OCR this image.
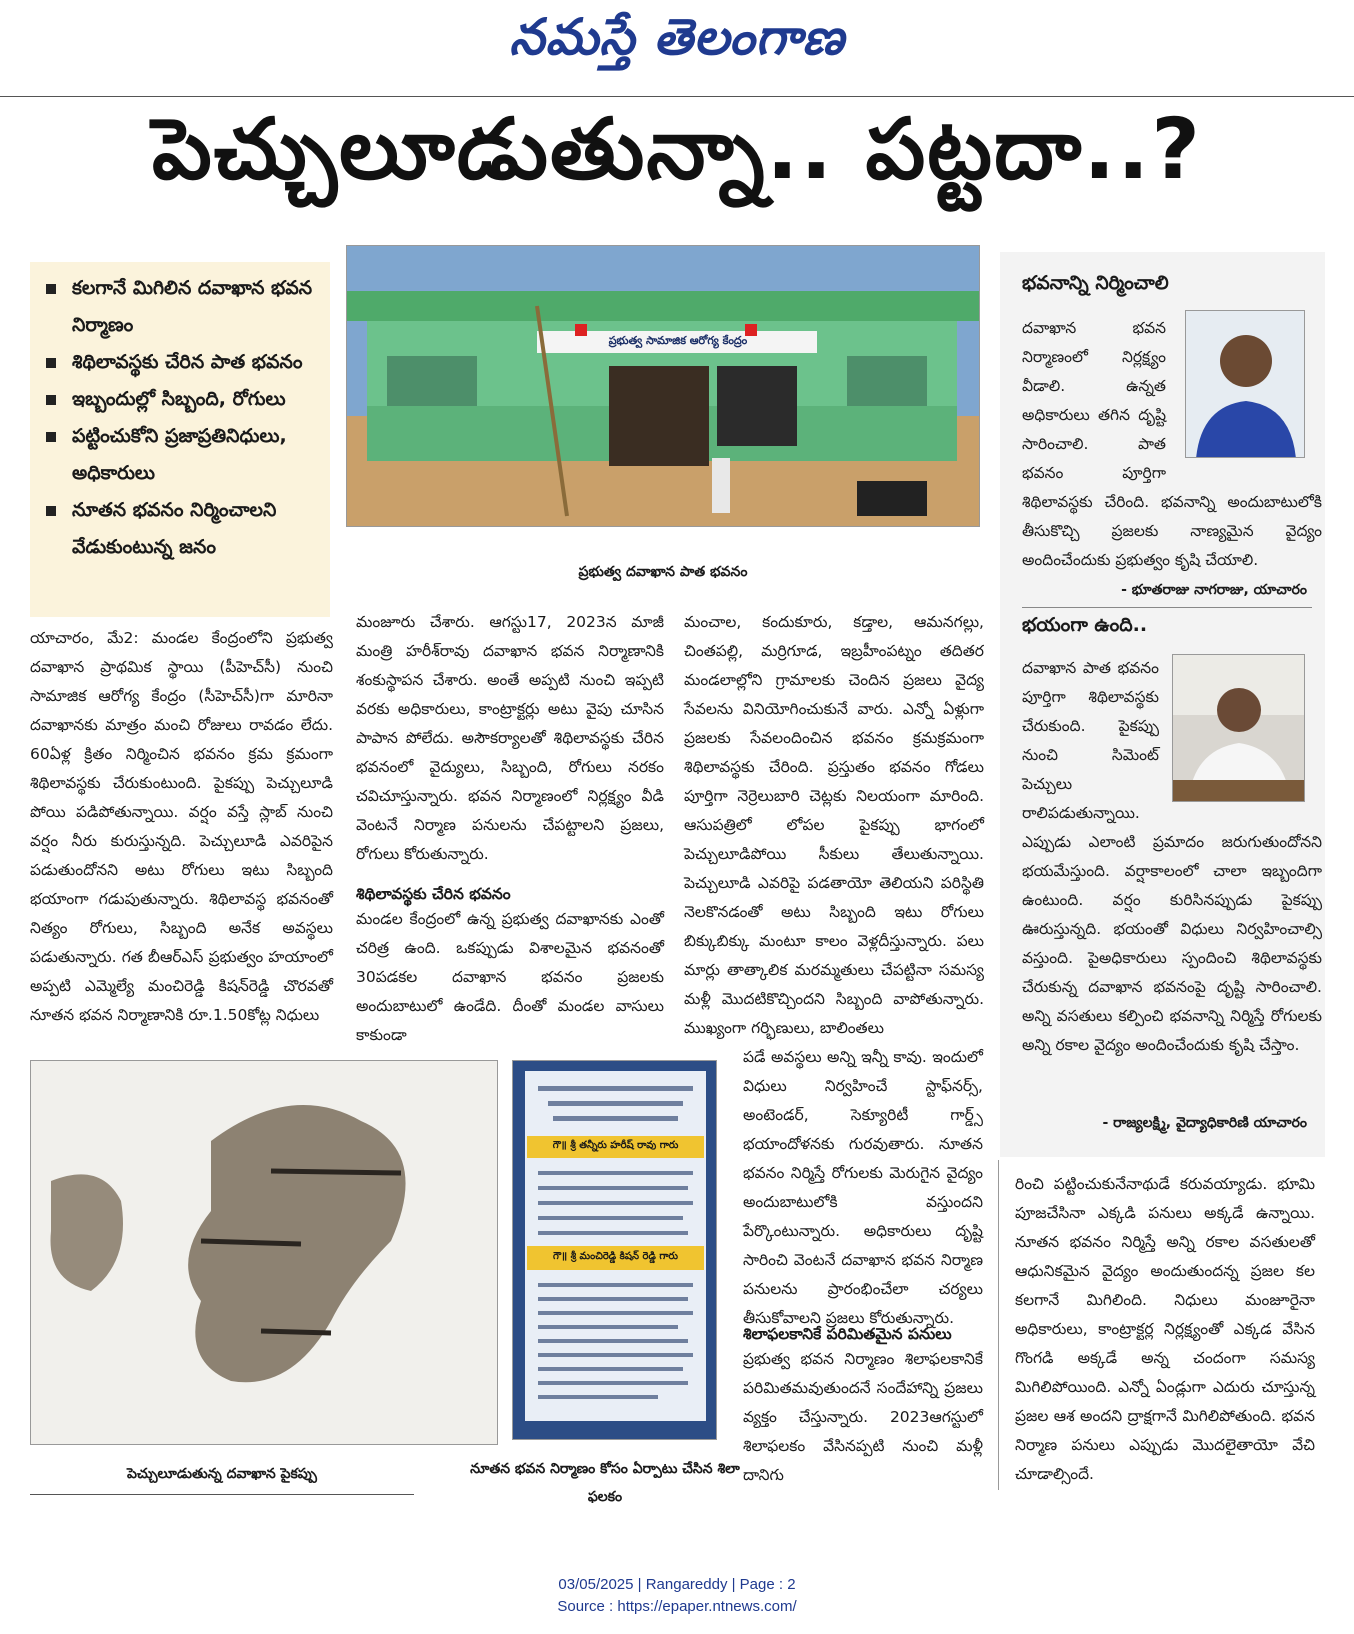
నమస్తే తెలంగాణ
పెచ్చులూడుతున్నా.. పట్టదా..?
కలగానే మిగిలిన దవాఖాన భవన నిర్మాణం
శిథిలావస్థకు చేరిన పాత భవనం
ఇబ్బందుల్లో సిబ్బంది, రోగులు
పట్టించుకోని ప్రజాప్రతినిధులు, అధికారులు
నూతన భవనం నిర్మించాలని వేడుకుంటున్న జనం
ప్రభుత్వ సామాజిక ఆరోగ్య కేంద్రం
ప్రభుత్వ దవాఖాన పాత భవనం
యాచారం, మే2: మండల కేంద్రంలోని ప్రభుత్వ దవాఖాన ప్రాథమిక స్థాయి (పీహెచ్‌సీ) నుంచి సామాజిక ఆరోగ్య కేంద్రం (సీహెచ్‌సీ)గా మారినా దవాఖానకు మాత్రం మంచి రోజులు రావడం లేదు. 60ఏళ్ల క్రితం నిర్మించిన భవనం క్రమ క్రమంగా శిథిలావస్థకు చేరుకుంటుంది. పైకప్పు పెచ్చులూడి పోయి పడిపోతున్నాయి. వర్షం వస్తే స్లాబ్ నుంచి వర్షం నీరు కురుస్తున్నది. పెచ్చులూడి ఎవరిపైన పడుతుందోనని అటు రోగులు ఇటు సిబ్బంది భయాంగా గడుపుతున్నారు. శిథిలావస్థ భవనంతో నిత్యం రోగులు, సిబ్బంది అనేక అవస్థలు పడుతున్నారు. గత బీఆర్‌ఎస్ ప్రభుత్వం హయాంలో అప్పటి ఎమ్మెల్యే మంచిరెడ్డి కిషన్‌రెడ్డి చొరవతో నూతన భవన నిర్మాణానికి రూ.1.50కోట్ల నిధులు
మంజూరు చేశారు. ఆగస్టు17, 2023న మాజీ మంత్రి హరీశ్‌రావు దవాఖాన భవన నిర్మాణానికి శంకుస్థాపన చేశారు. అంతే అప్పటి నుంచి ఇప్పటి వరకు అధికారులు, కాంట్రాక్టర్లు అటు వైపు చూసిన పాపాన పోలేదు. అసౌకర్యాలతో శిథిలావస్థకు చేరిన భవనంలో వైద్యులు, సిబ్బంది, రోగులు నరకం చవిచూస్తున్నారు. భవన నిర్మాణంలో నిర్లక్ష్యం వీడి వెంటనే నిర్మాణ పనులను చేపట్టాలని ప్రజలు, రోగులు కోరుతున్నారు.
శిథిలావస్థకు చేరిన భవనం
మండల కేంద్రంలో ఉన్న ప్రభుత్వ దవాఖానకు ఎంతో చరిత్ర ఉంది. ఒకప్పుడు విశాలమైన భవనంతో 30పడకల దవాఖాన భవనం ప్రజలకు అందుబాటులో ఉండేది. దీంతో మండల వాసులు కాకుండా
మంచాల, కందుకూరు, కడ్తాల, ఆమనగల్లు, చింతపల్లి, మర్రిగూడ, ఇబ్రహీంపట్నం తదితర మండలాల్లోని గ్రామాలకు చెందిన ప్రజలు వైద్య సేవలను వినియోగించుకునే వారు. ఎన్నో ఏళ్లుగా ప్రజలకు సేవలందించిన భవనం క్రమక్రమంగా శిథిలావస్థకు చేరింది. ప్రస్తుతం భవనం గోడలు పూర్తిగా నెర్రెలుబారి చెట్లకు నిలయంగా మారింది. ఆసుపత్రిలో లోపల పైకప్పు భాగంలో పెచ్చులూడిపోయి సీకులు తేలుతున్నాయి. పెచ్చులూడి ఎవరిపై పడతాయో తెలియని పరిస్థితి నెలకొనడంతో అటు సిబ్బంది ఇటు రోగులు బిక్కుబిక్కు మంటూ కాలం వెళ్లదీస్తున్నారు. పలు మార్లు తాత్కాలిక మరమ్మతులు చేపట్టినా సమస్య మళ్లీ మొదటికొచ్చిందని సిబ్బంది వాపోతున్నారు. ముఖ్యంగా గర్భిణులు, బాలింతలు
పడే అవస్థలు అన్ని ఇన్నీ కావు. ఇందులో విధులు నిర్వహించే స్టాఫ్‌నర్స్, అంటెండర్, సెక్యూరిటీ గార్డ్స్ భయాందోళనకు గురవుతారు. నూతన భవనం నిర్మిస్తే రోగులకు మెరుగైన వైద్యం అందుబాటులోకి వస్తుందని పేర్కొంటున్నారు. అధికారులు దృష్టి సారించి వెంటనే దవాఖాన భవన నిర్మాణ పనులను ప్రారంభించేలా చర్యలు తీసుకోవాలని ప్రజలు కోరుతున్నారు.
శిలాఫలకానికే పరిమితమైన పనులు
ప్రభుత్వ భవన నిర్మాణం శిలాఫలకానికే పరిమితమవుతుందనే సందేహాన్ని ప్రజలు వ్యక్తం చేస్తున్నారు. 2023ఆగస్టులో శిలాఫలకం వేసినప్పటి నుంచి మళ్లీ దానిగు
పెచ్చులూడుతున్న దవాఖాన పైకప్పు
గౌ॥ శ్రీ తన్నీరు హరీష్ రావు గారు
గౌ॥ శ్రీ మంచిరెడ్డి కిషన్ రెడ్డి గారు
నూతన భవన నిర్మాణం కోసం ఏర్పాటు చేసిన శిలా ఫలకం
భవనాన్ని నిర్మించాలి
దవాఖాన భవన నిర్మాణంలో నిర్లక్ష్యం వీడాలి. ఉన్నత అధికారులు తగిన దృష్టి సారించాలి. పాత భవనం పూర్తిగా శిథిలావస్థకు చేరింది. భవనాన్ని అందుబాటులోకి తీసుకొచ్చి ప్రజలకు నాణ్యమైన వైద్యం అందించేందుకు ప్రభుత్వం కృషి చేయాలి.
- భూతరాజు నాగరాజు, యాచారం
భయంగా ఉంది..
దవాఖాన పాత భవనం పూర్తిగా శిథిలావస్థకు చేరుకుంది. పైకప్పు నుంచి సిమెంట్ పెచ్చులు రాలిపడుతున్నాయి. ఎప్పుడు ఎలాంటి ప్రమాదం జరుగుతుందోనని భయమేస్తుంది. వర్షాకాలంలో చాలా ఇబ్బందిగా ఉంటుంది. వర్షం కురిసినప్పుడు పైకప్పు ఊరుస్తున్నది. భయంతో విధులు నిర్వహించాల్సి వస్తుంది. పైఅధికారులు స్పందించి శిథిలావస్థకు చేరుకున్న దవాఖాన భవనంపై దృష్టి సారించాలి. అన్ని వసతులు కల్పించి భవనాన్ని నిర్మిస్తే రోగులకు అన్ని రకాల వైద్యం అందించేందుకు కృషి చేస్తాం.
- రాజ్యలక్ష్మి, వైద్యాధికారిణి యాచారం
రించి పట్టించుకునేనాథుడే కరువయ్యాడు. భూమి పూజచేసినా ఎక్కడి పనులు అక్కడే ఉన్నాయి. నూతన భవనం నిర్మిస్తే అన్ని రకాల వసతులతో ఆధునికమైన వైద్యం అందుతుందన్న ప్రజల కల కలగానే మిగిలింది. నిధులు మంజూరైనా అధికారులు, కాంట్రాక్టర్ల నిర్లక్ష్యంతో ఎక్కడ వేసిన గొంగడి అక్కడే అన్న చందంగా సమస్య మిగిలిపోయింది. ఎన్నో ఏండ్లుగా ఎదురు చూస్తున్న ప్రజల ఆశ అందని ద్రాక్షగానే మిగిలిపోతుంది. భవన నిర్మాణ పనులు ఎప్పుడు మొదలైతాయో వేచి చూడాల్సిందే.
03/05/2025 | Rangareddy | Page : 2
Source : https://epaper.ntnews.com/
